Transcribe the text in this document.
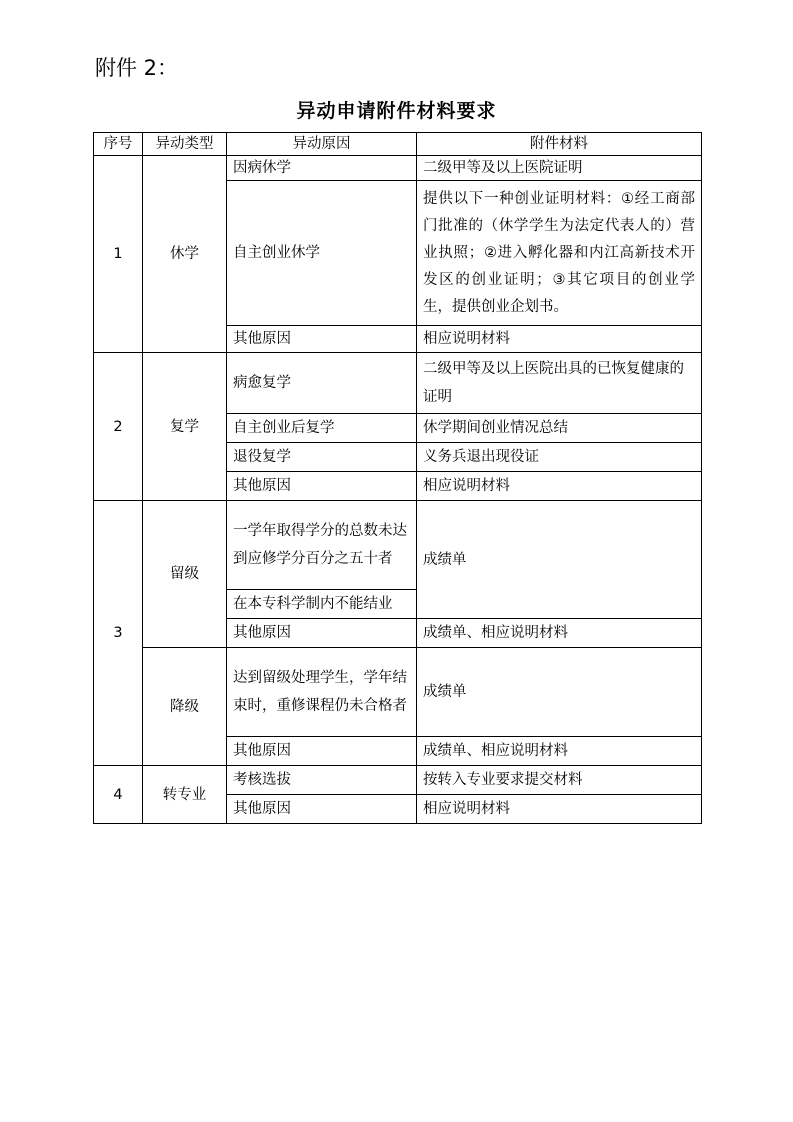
附件 2：
异动申请附件材料要求
序号	异动类型	异动原因	附件材料
1	休学	因病休学	二级甲等及以上医院证明
		自主创业休学	提供以下一种创业证明材料：①经工商部门批准的（休学学生为法定代表人的）营业执照；②进入孵化器和内江高新技术开发区的创业证明；③其它项目的创业学生，提供创业企划书。
		其他原因	相应说明材料
2	复学	病愈复学	二级甲等及以上医院出具的已恢复健康的证明
		自主创业后复学	休学期间创业情况总结
		退役复学	义务兵退出现役证
		其他原因	相应说明材料
3	留级	一学年取得学分的总数未达到应修学分百分之五十者	成绩单
		在本专科学制内不能结业	
		其他原因	成绩单、相应说明材料
	降级	达到留级处理学生，学年结束时，重修课程仍未合格者	成绩单
		其他原因	成绩单、相应说明材料
4	转专业	考核选拔	按转入专业要求提交材料
		其他原因	相应说明材料
